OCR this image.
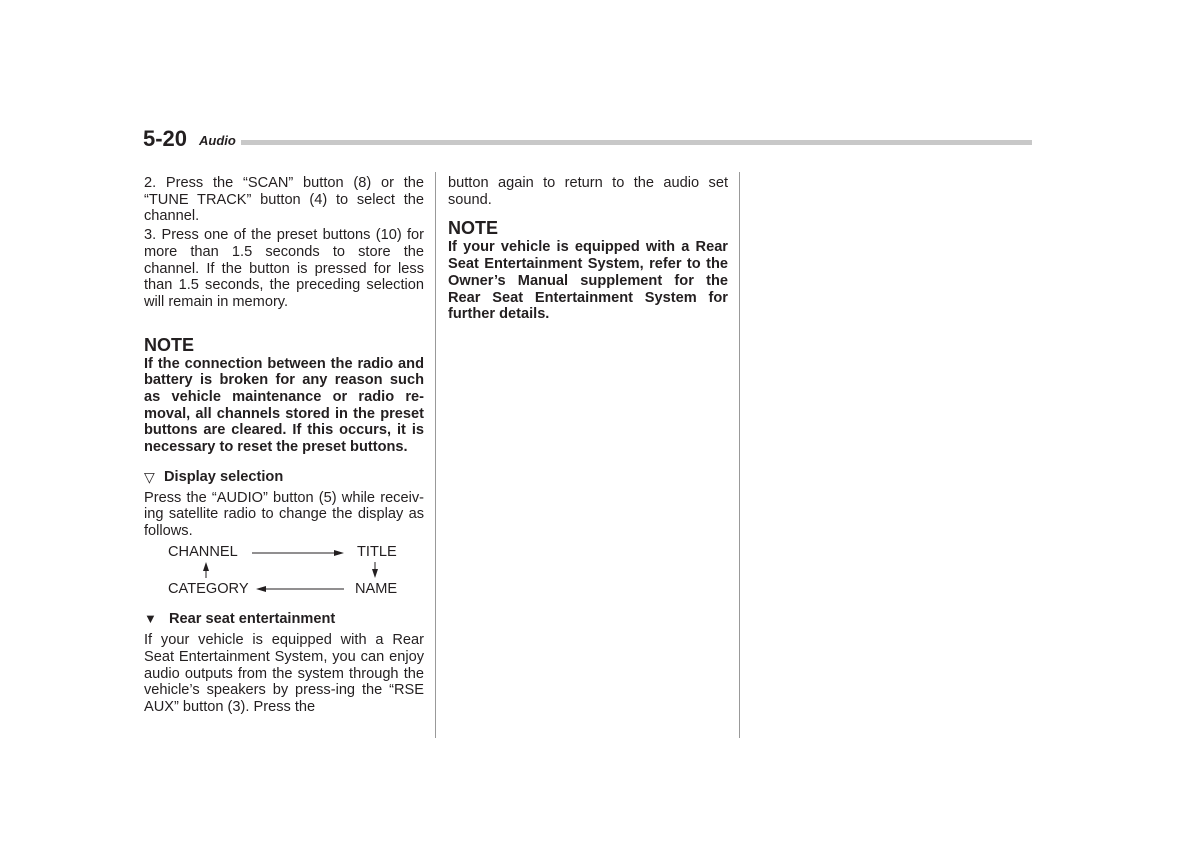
5-20 Audio

2. Press the “SCAN” button (8) or the “TUNE TRACK” button (4) to select the channel.

3. Press one of the preset buttons (10) for more than 1.5 seconds to store the channel. If the button is pressed for less than 1.5 seconds, the preceding selection will remain in memory.

NOTE

If the connection between the radio and battery is broken for any reason such as vehicle maintenance or radio re-moval, all channels stored in the preset buttons are cleared. If this occurs, it is necessary to reset the preset buttons.

▽ Display selection

Press the “AUDIO” button (5) while receiv-ing satellite radio to change the display as follows.

CHANNEL	TITLE
NAME
CATEGORY

▼ Rear seat entertainment

If your vehicle is equipped with a Rear Seat Entertainment System, you can enjoy audio outputs from the system through the vehicle’s speakers by press-ing the “RSE AUX” button (3). Press the

button again to return to the audio set sound.

NOTE

If your vehicle is equipped with a Rear Seat Entertainment System, refer to the Owner’s Manual supplement for the Rear Seat Entertainment System for further details.
